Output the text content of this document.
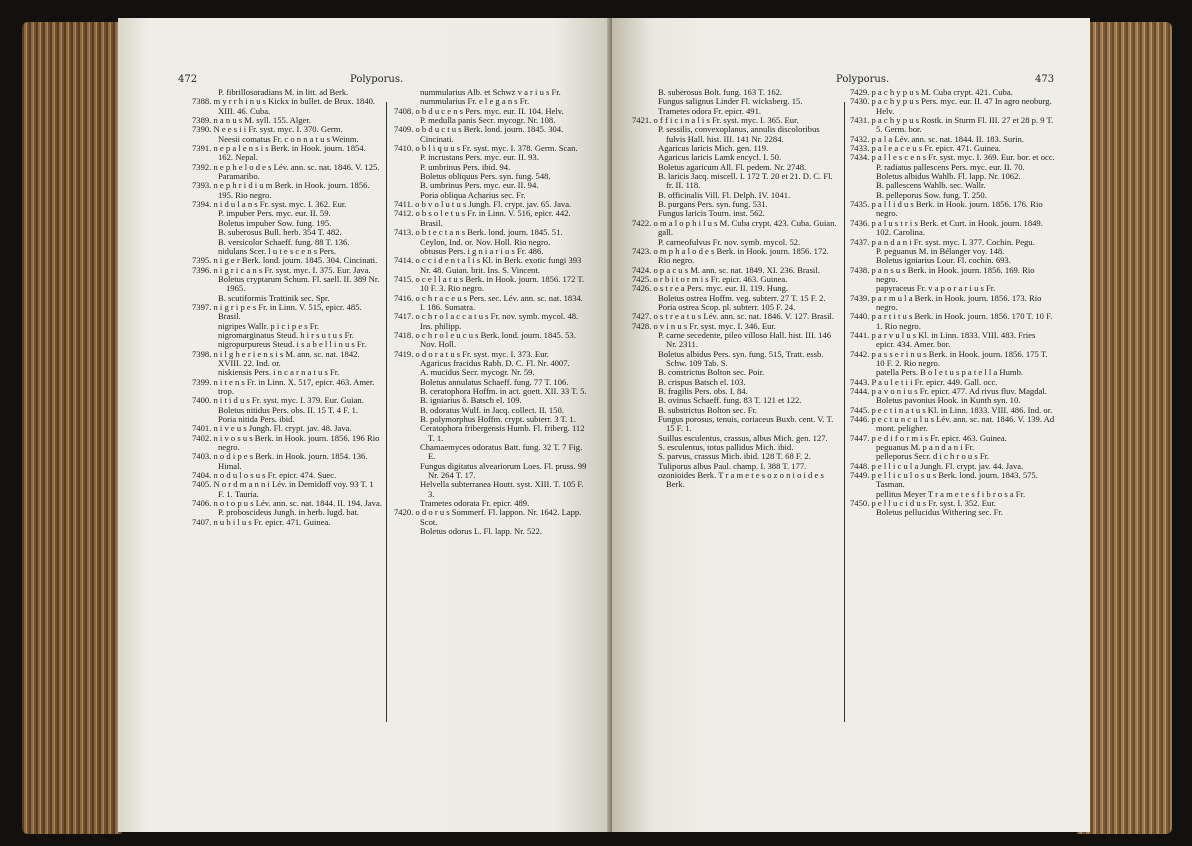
472	Polyporus.
P. fibrillosoradians M. in litt. ad Berk.
7388. m y r r h i n u s Kickx in bullet. de Brux. 1840. XIII. 46. Cuba.
7389. n a n u s M. syll. 155. Alger.
7390. N e e s i i Fr. syst. myc. I. 370. Germ.
Neesii comatus Fr. c o n n a t u s Weinm.
7391. n e p a l e n s i s Berk. in Hook. journ. 1854. 162. Nepal.
7392. n e p h e l o d e s Lév. ann. sc. nat. 1846. V. 125. Paramaribo.
7393. n e p h r i d i u m Berk. in Hook. journ. 1856. 195. Rio negro.
7394. n i d u l a n s Fr. syst. myc. I. 362. Eur.
P. impuber Pers. myc. eur. II. 59.
Boletus impuber Sow. fung. 195.
B. suberosus Bull. herb. 354 T. 482.
B. versicolor Schaeff. fung. 88 T. 136.
nidulans Scer. l u t e s c e n s Pers.
7395. n i g e r Berk. lond. journ. 1845. 304. Cincinati.
7396. n i g r i c a n s Fr. syst. myc. I. 375. Eur. Java.
Boletus cryptarum Schum. Fl. saell. II. 389 Nr. 1965.
B. scutiformis Trattinik sec. Spr.
7397. n i g r i p e s Fr. in Linn. V. 515, epicr. 485. Brasil.
nigripes Wallr. p i c i p e s Fr.
nigromarginatus Steud. h i r s u t u s Fr.
nigropurpureus Steud. i s a b e l l i n u s Fr.
7398. n i l g h e r i e n s i s M. ann. sc. nat. 1842. XVIII. 22. Ind. or.
niskiensis Pers. i n c a r n a t u s Fr.
7399. n i t e n s Fr. in Linn. X. 517, epicr. 463. Amer. trop.
7400. n i t i d u s Fr. syst. myc. I. 379. Eur. Guian.
Boletus nitidus Pers. obs. II. 15 T. 4 F. 1.
Poria nitida Pers. ibid.
7401. n i v e u s Jungh. Fl. crypt. jav. 48. Java.
7402. n i v o s u s Berk. in Hook. journ. 1856. 196 Rio negro.
7403. n o d i p e s Berk. in Hook. journ. 1854. 136. Himal.
7404. n o d u l o s u s Fr. epicr. 474. Suec.
7405. N o r d m a n n i Lév. in Demidoff voy. 93 T. 1 F. 1. Tauria.
7406. n o t o p u s Lév. ann. sc. nat. 1844. II. 194. Java.
P. proboscideus Jungh. in herb. lugd. bat.
7407. n u b i l u s Fr. epicr. 471. Guinea.
nummularius Alb. et Schwz v a r i u s Fr.
nummularius Fr. e l e g a n s Fr.
7408. o b d u c e n s Pers. myc. eur. II. 104. Helv.
P. medulla panis Secr. mycogr. Nr. 108.
7409. o b d u c t u s Berk. lond. journ. 1845. 304. Cincinati.
7410. o b l i q u u s Fr. syst. myc. I. 378. Germ. Scan.
P. incrustans Pers. myc. eur. II. 93.
P. umbrinus Pers. ibid. 94.
Boletus obliquus Pers. syn. fung. 548.
B. umbrinus Pers. myc. eur. II. 94.
Poria obliqua Acharius sec. Fr.
7411. o b v o l u t u s Jungh. Fl. crypt. jav. 65. Java.
7412. o b s o l e t u s Fr. in Linn. V. 516, epicr. 442. Brasil.
7413. o b t e c t a n s Berk. lond. journ. 1845. 51. Ceylon, Ind. or. Nov. Holl. Rio negro.
obtusus Pers. i g n i a r i u s Fr. 486.
7414. o c c i d e n t a l i s Kl. in Berk. exotic fungi 393 Nr. 48. Guian. brit. Ins. S. Vincent.
7415. o c e l l a t u s Berk. in Hook. journ. 1856. 172 T. 10 F. 3. Rio negro.
7416. o c h r a c e u s Pers. sec. Lév. ann. sc. nat. 1834. I. 186. Sumatra.
7417. o c h r o l a c c a t u s Fr. nov. symb. mycol. 48. Ins. philipp.
7418. o c h r o l e u c u s Berk. lond. journ. 1845. 53. Nov. Holl.
7419. o d o r a t u s Fr. syst. myc. I. 373. Eur.
Agaricus fracidus Rabh. D. C. Fl. Nr. 4007.
A. mucidus Secr. mycogr. Nr. 59.
Boletus annulatus Schaeff. fung. 77 T. 106.
B. ceratophora Hoffm. in act. goett. XII. 33 T. 5.
B. igniarius δ. Batsch el. 109.
B. odoratus Wulf. in Jacq. collect. II. 150.
B. polymorphus Hoffm. crypt. subterr. 3 T. 1.
Ceratophora fribergensis Humb. Fl. friberg. 112 T. 1.
Chamaemyces odoratus Batt. fung. 32 T. 7 Fig. E.
Fungus digitatus alveariorum Loes. Fl. pruss. 99 Nr. 264 T. 17.
Helvella subterranea Houtt. syst. XIII. T. 105 F. 3.
Trametes odorata Fr. epicr. 489.
7420. o d o r u s Sommerf. Fl. lappon. Nr. 1642. Lapp. Scot.
Boletus odorus L. Fl. lapp. Nr. 522.
Polyporus.	473
B. suberosus Bolt. fung. 163 T. 162.
Fungus salignus Linder Fl. wicksberg. 15.
Trametes odora Fr. epicr. 491.
7421. o f f i c i n a l i s Fr. syst. myc. I. 365. Eur.
P. sessilis, convexoplanus, annulis discoloribus fulvis Hall. hist. III. 141 Nr. 2284.
Agaricus laricis Mich. gen. 119.
Agaricus laricis Lamk encycl. I. 50.
Boletus agaricum All. Fl. pedem. Nr. 2748.
B. laricis Jacq. miscell. I. 172 T. 20 et 21. D. C. Fl. fr. II. 118.
B. officinalis Vill. Fl. Delph. IV. 1041.
B. purgans Pers. syn. fung. 531.
Fungus laricis Tourn. inst. 562.
7422. o m a l o p h i l u s M. Cuba crypt. 423. Cuba. Guian. gall.
P. carneofulvus Fr. nov. symb. mycol. 52.
7423. o m p h a l o d e s Berk. in Hook. journ. 1856. 172. Rio negro.
7424. o p a c u s M. ann. sc. nat. 1849. XI. 236. Brasil.
7425. o r b i t o r m i s Fr. epicr. 463. Guinea.
7426. o s t r e a Pers. myc. eur. II. 119. Hung.
Boletus ostrea Hoffm. veg. subterr. 27 T. 15 F. 2.
Poria ostrea Scop. pl. subterr. 105 F. 24.
7427. o s t r e a t u s Lév. ann. sc. nat. 1846. V. 127. Brasil.
7428. o v i n u s Fr. syst. myc. I. 346. Eur.
P. carne secedente, pileo villoso Hall. hist. III. 146 Nr. 2311.
Boletus albidus Pers. syn. fung. 515, Tratt. essb. Schw. 109 Tab. S.
B. constrictus Bolton sec. Poir.
B. crispus Batsch el. 103.
B. fragilis Pers. obs. I. 84.
B. ovinus Schaeff. fung. 83 T. 121 et 122.
B. substrictus Bolton sec. Fr.
Fungus porosus, tenuis, coriaceus Buxb. cent. V. T. 15 F. 1.
Suillus esculentus, crassus, albus Mich. gen. 127.
S. esculentus, totus pallidus Mich. ibid.
S. parvus, crassus Mich. ibid. 128 T. 68 F. 2.
Tuliporus albus Paul. champ. I. 388 T. 177.
ozonioides Berk. T r a m e t e s o z o n i o i d e s Berk.
7429. p a c h y p u s M. Cuba crypt. 421. Cuba.
7430. p a c h y p u s Pers. myc. eur. II. 47 In agro neoburg. Helv.
7431. p a c h y p u s Rostk. in Sturm Fl. III. 27 et 28 p. 9 T. 5. Germ. bor.
7432. p a l a Lév. ann. sc. nat. 1844. II. 183. Surin.
7433. p a l e a c e u s Fr. epicr. 471. Guinea.
7434. p a l l e s c e n s Fr. syst. myc. I. 369. Eur. bor. et occ.
P. radiatus pallescens Pers. myc. eur. II. 70.
Boletus albidus Wahlb. Fl. lapp. Nr. 1062.
B. pallescens Wahlb. sec. Wallr.
B. pelleporus Sow. fung. T. 250.
7435. p a l l i d u s Berk. in Hook. journ. 1856. 176. Rio negro.
7436. p a l u s t r i s Berk. et Curt. in Hook. journ. 1849. 102. Carolina.
7437. p a n d a n i Fr. syst. myc. I. 377. Cochin. Pegu.
P. peguanus M. in Bélanger voy. 148.
Boletus igniarius Lour. Fl. cochin. 693.
7438. p a n s u s Berk. in Hook. journ. 1856. 169. Rio negro.
papyraceus Fr. v a p o r a r i u s Fr.
7439. p a r m u l a Berk. in Hook. journ. 1856. 173. Rio negro.
7440. p a r t i t u s Berk. in Hook. journ. 1856. 170 T. 10 F. 1. Rio negro.
7441. p a r v u l u s Kl. in Linn. 1833. VIII. 483. Fries epicr. 434. Amer. bor.
7442. p a s s e r i n u s Berk. in Hook. journ. 1856. 175 T. 10 F. 2. Rio negro.
patella Pers. B o l e t u s p a t e l l a Humb.
7443. P a u l e t i i Fr. epicr. 449. Gall. occ.
7444. p a v o n i u s Fr. epicr. 477. Ad rivus fluv. Magdal.
Boletus pavonius Hook. in Kunth syn. 10.
7445. p e c t i n a t u s Kl. in Linn. 1833. VIII. 486. Ind. or.
7446. p e c t u n c u l u s Lév. ann. sc. nat. 1846. V. 139. Ad mont. peligher.
7447. p e d i f o r m i s Fr. epicr. 463. Guinea.
peguanus M. p a n d a n i Fr.
pelleporus Secr. d i c h r o u s Fr.
7448. p e l l i c u l a Jungh. Fl. crypt. jav. 44. Java.
7449. p e l l i c u l o s u s Berk. lond. journ. 1843. 575. Tasman.
pellitus Meyer T r a m e t e s f i b r o s a Fr.
7450. p e l l u c i d u s Fr. syst. I. 352. Eur.
Boletus pellucidus Withering sec. Fr.
